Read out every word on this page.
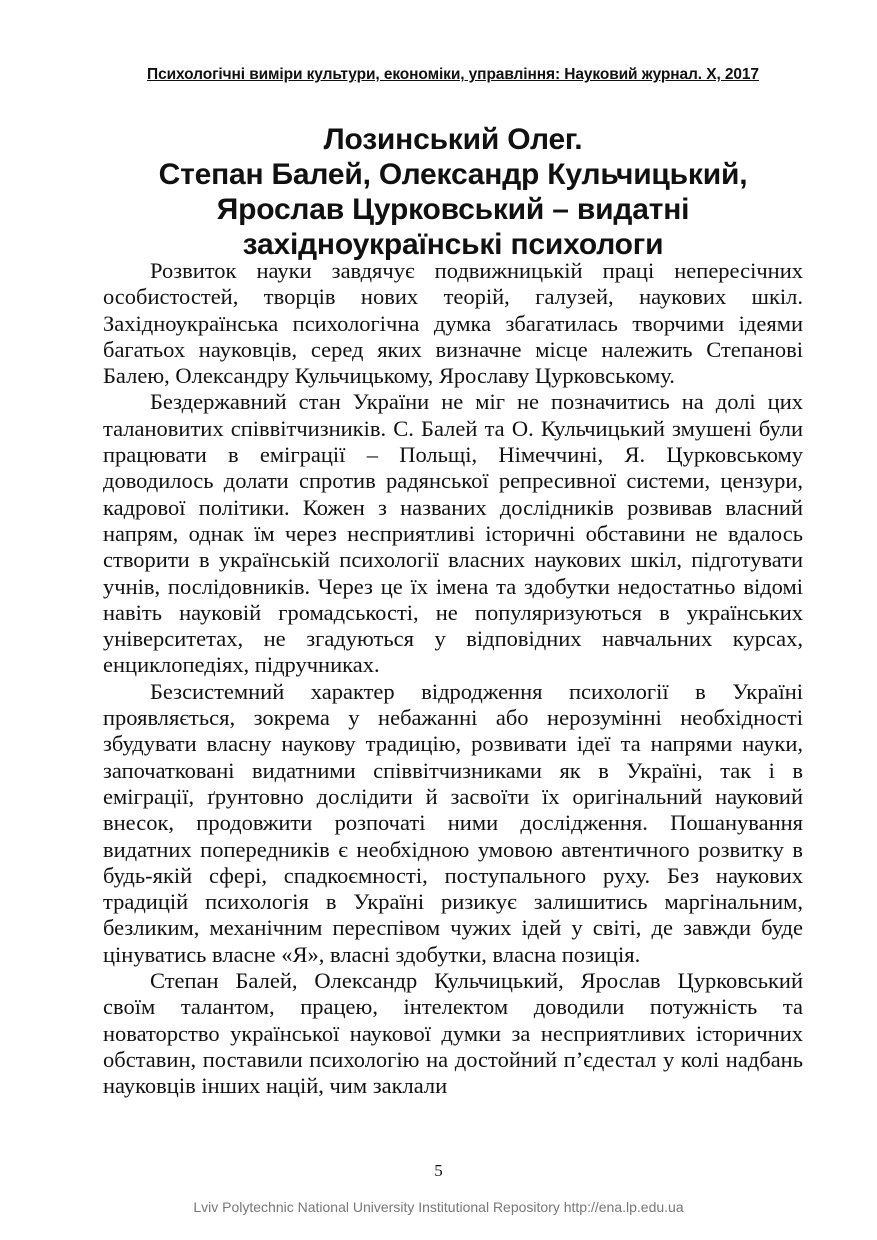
Психологічні виміри культури, економіки, управління: Науковий журнал. Х, 2017
Лозинський Олег.
Степан Балей, Олександр Кульчицький,
Ярослав Цурковський – видатні
західноукраїнські психологи

Розвиток науки завдячує подвижницькій праці непересічних особистостей, творців нових теорій, галузей, наукових шкіл. Західноукраїнська психологічна думка збагатилась творчими ідеями багатьох науковців, серед яких визначне місце належить Степанові Балею, Олександру Кульчицькому, Ярославу Цурковському.

Бездержавний стан України не міг не позначитись на долі цих талановитих співвітчизників. С. Балей та О. Кульчицький змушені були працювати в еміграції – Польщі, Німеччині, Я. Цурковському доводилось долати спротив радянської репресивної системи, цензури, кадрової політики. Кожен з названих дослідників розвивав власний напрям, однак їм через несприятливі історичні обставини не вдалось створити в українській психології власних наукових шкіл, підготувати учнів, послідовників. Через це їх імена та здобутки недостатньо відомі навіть науковій громадськості, не популяризуються в українських університетах, не згадуються у відповідних навчальних курсах, енциклопедіях, підручниках.

Безсистемний характер відродження психології в Україні проявляється, зокрема у небажанні або нерозумінні необхідності збудувати власну наукову традицію, розвивати ідеї та напрями науки, започатковані видатними співвітчизниками як в Україні, так і в еміграції, ґрунтовно дослідити й засвоїти їх оригінальний науковий внесок, продовжити розпочаті ними дослідження. Пошанування видатних попередників є необхідною умовою автентичного розвитку в будь-якій сфері, спадкоємності, поступального руху. Без наукових традицій психологія в Україні ризикує залишитись маргінальним, безликим, механічним переспівом чужих ідей у світі, де завжди буде цінуватись власне «Я», власні здобутки, власна позиція.

Степан Балей, Олександр Кульчицький, Ярослав Цурковський своїм талантом, працею, інтелектом доводили потужність та новаторство української наукової думки за несприятливих історичних обставин, поставили психологію на достойний п’єдестал у колі надбань науковців інших націй, чим заклали

5
Lviv Polytechnic National University Institutional Repository http://ena.lp.edu.ua
